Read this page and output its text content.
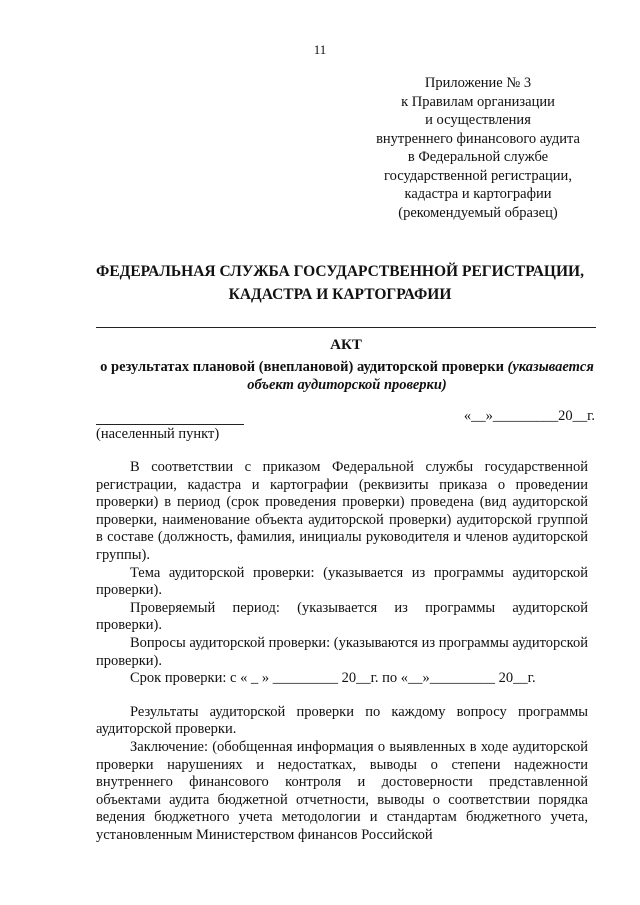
11
Приложение № 3
к Правилам организации
и осуществления
внутреннего финансового аудита
в Федеральной службе
государственной регистрации,
кадастра и картографии
(рекомендуемый образец)
ФЕДЕРАЛЬНАЯ СЛУЖБА ГОСУДАРСТВЕННОЙ РЕГИСТРАЦИИ,
КАДАСТРА И КАРТОГРАФИИ
АКТ
о результатах плановой (внеплановой) аудиторской проверки (указывается объект аудиторской проверки)
«__»_________20__г.
(населенный пункт)

В соответствии с приказом Федеральной службы государственной регистрации, кадастра и картографии (реквизиты приказа о проведении проверки) в период (срок проведения проверки) проведена (вид аудиторской проверки, наименование объекта аудиторской проверки) аудиторской группой в составе (должность, фамилия, инициалы руководителя и членов аудиторской группы).

Тема аудиторской проверки: (указывается из программы аудиторской проверки).

Проверяемый период: (указывается из программы аудиторской проверки).

Вопросы аудиторской проверки: (указываются из программы аудиторской проверки).

Срок проверки: с « _ » _________ 20__г. по «__»_________ 20__г.

Результаты аудиторской проверки по каждому вопросу программы аудиторской проверки.

Заключение: (обобщенная информация о выявленных в ходе аудиторской проверки нарушениях и недостатках, выводы о степени надежности внутреннего финансового контроля и достоверности представленной объектами аудита бюджетной отчетности, выводы о соответствии порядка ведения бюджетного учета методологии и стандартам бюджетного учета, установленным Министерством финансов Российской
